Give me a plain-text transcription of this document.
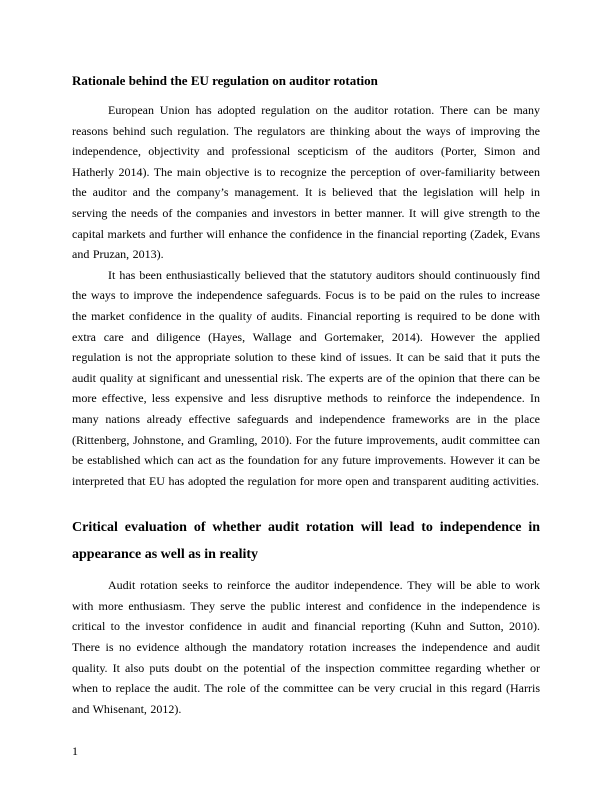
Rationale behind the EU regulation on auditor rotation

European Union has adopted regulation on the auditor rotation. There can be many reasons behind such regulation. The regulators are thinking about the ways of improving the independence, objectivity and professional scepticism of the auditors (Porter, Simon and Hatherly 2014). The main objective is to recognize the perception of over-familiarity between the auditor and the company’s management. It is believed that the legislation will help in serving the needs of the companies and investors in better manner. It will give strength to the capital markets and further will enhance the confidence in the financial reporting (Zadek, Evans and Pruzan, 2013).

It has been enthusiastically believed that the statutory auditors should continuously find the ways to improve the independence safeguards. Focus is to be paid on the rules to increase the market confidence in the quality of audits. Financial reporting is required to be done with extra care and diligence (Hayes, Wallage and Gortemaker, 2014). However the applied regulation is not the appropriate solution to these kind of issues. It can be said that it puts the audit quality at significant and unessential risk. The experts are of the opinion that there can be more effective, less expensive and less disruptive methods to reinforce the independence. In many nations already effective safeguards and independence frameworks are in the place (Rittenberg, Johnstone, and Gramling, 2010). For the future improvements, audit committee can be established which can act as the foundation for any future improvements. However it can be interpreted that EU has adopted the regulation for more open and transparent auditing activities.

Critical evaluation of whether audit rotation will lead to independence in appearance as well as in reality

Audit rotation seeks to reinforce the auditor independence. They will be able to work with more enthusiasm. They serve the public interest and confidence in the independence is critical to the investor confidence in audit and financial reporting (Kuhn and Sutton, 2010). There is no evidence although the mandatory rotation increases the independence and audit quality. It also puts doubt on the potential of the inspection committee regarding whether or when to replace the audit. The role of the committee can be very crucial in this regard (Harris and Whisenant, 2012).

1
